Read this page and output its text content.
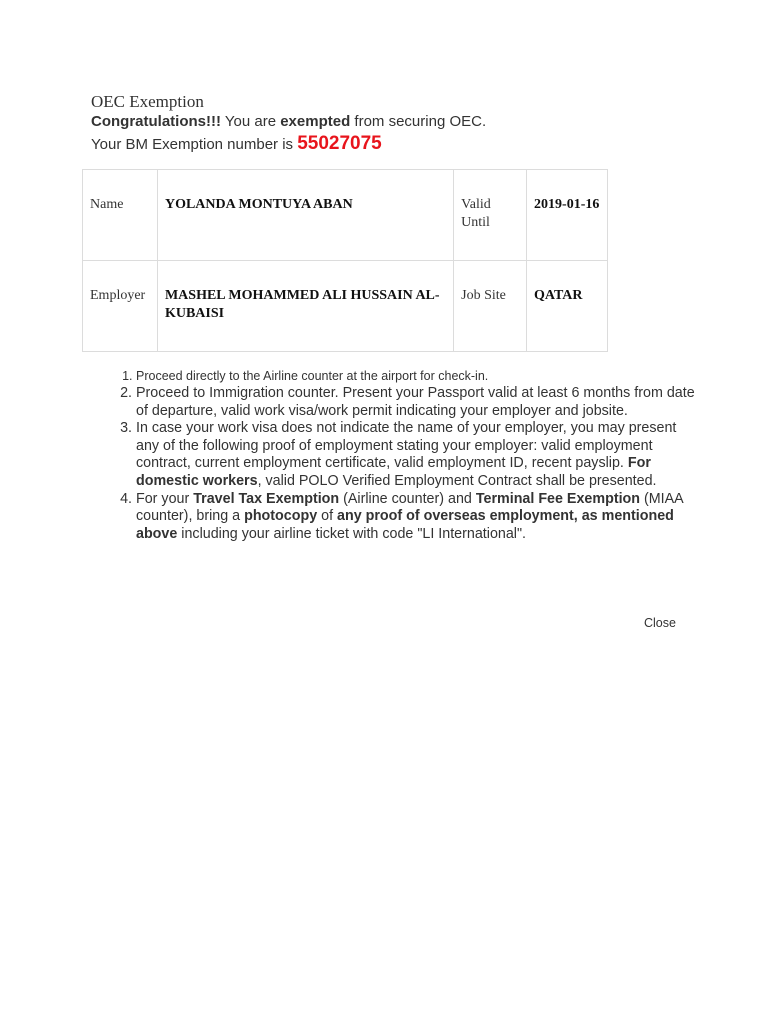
OEC Exemption
Congratulations!!! You are exempted from securing OEC.
Your BM Exemption number is 55027075
Name	YOLANDA MONTUYA ABAN	Valid Until	2019-01-16
Employer	MASHEL MOHAMMED ALI HUSSAIN AL-KUBAISI	Job Site	QATAR
1. Proceed directly to the Airline counter at the airport for check-in.
2. Proceed to Immigration counter. Present your Passport valid at least 6 months from date of departure, valid work visa/work permit indicating your employer and jobsite.
3. In case your work visa does not indicate the name of your employer, you may present any of the following proof of employment stating your employer: valid employment contract, current employment certificate, valid employment ID, recent payslip. For domestic workers, valid POLO Verified Employment Contract shall be presented.
4. For your Travel Tax Exemption (Airline counter) and Terminal Fee Exemption (MIAA counter), bring a photocopy of any proof of overseas employment, as mentioned above including your airline ticket with code "LI International".
Close
